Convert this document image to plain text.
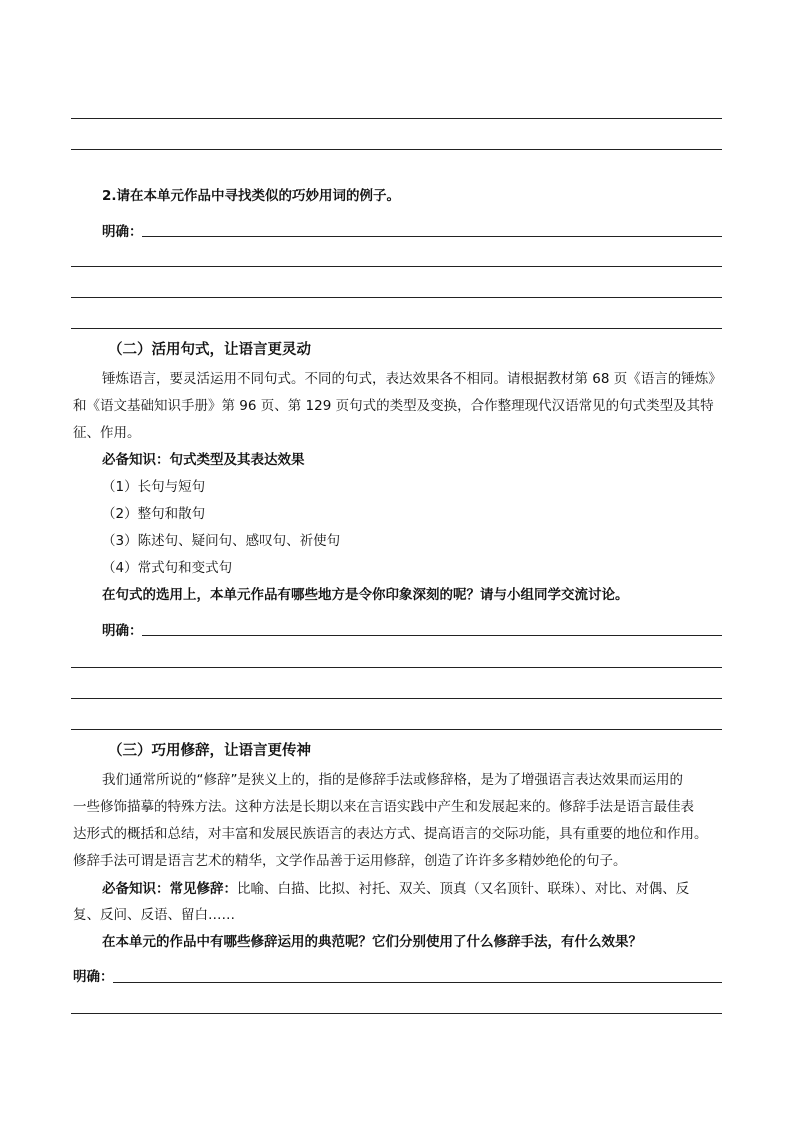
2.请在本单元作品中寻找类似的巧妙用词的例子。
明确：
（二）活用句式，让语言更灵动
锤炼语言，要灵活运用不同句式。不同的句式，表达效果各不相同。请根据教材第 68 页《语言的锤炼》
和《语文基础知识手册》第 96 页、第 129 页句式的类型及变换，合作整理现代汉语常见的句式类型及其特
征、作用。
必备知识：句式类型及其表达效果
（1）长句与短句
（2）整句和散句
（3）陈述句、疑问句、感叹句、祈使句
（4）常式句和变式句
在句式的选用上，本单元作品有哪些地方是令你印象深刻的呢？请与小组同学交流讨论。
明确：
（三）巧用修辞，让语言更传神
我们通常所说的“修辞”是狭义上的，指的是修辞手法或修辞格，是为了增强语言表达效果而运用的
一些修饰描摹的特殊方法。这种方法是长期以来在言语实践中产生和发展起来的。修辞手法是语言最佳表
达形式的概括和总结，对丰富和发展民族语言的表达方式、提高语言的交际功能，具有重要的地位和作用。
修辞手法可谓是语言艺术的精华，文学作品善于运用修辞，创造了许许多多精妙绝伦的句子。
必备知识：常见修辞：比喻、白描、比拟、衬托、双关、顶真（又名顶针、联珠）、对比、对偶、反
复、反问、反语、留白……
在本单元的作品中有哪些修辞运用的典范呢？它们分别使用了什么修辞手法，有什么效果？
明确：
